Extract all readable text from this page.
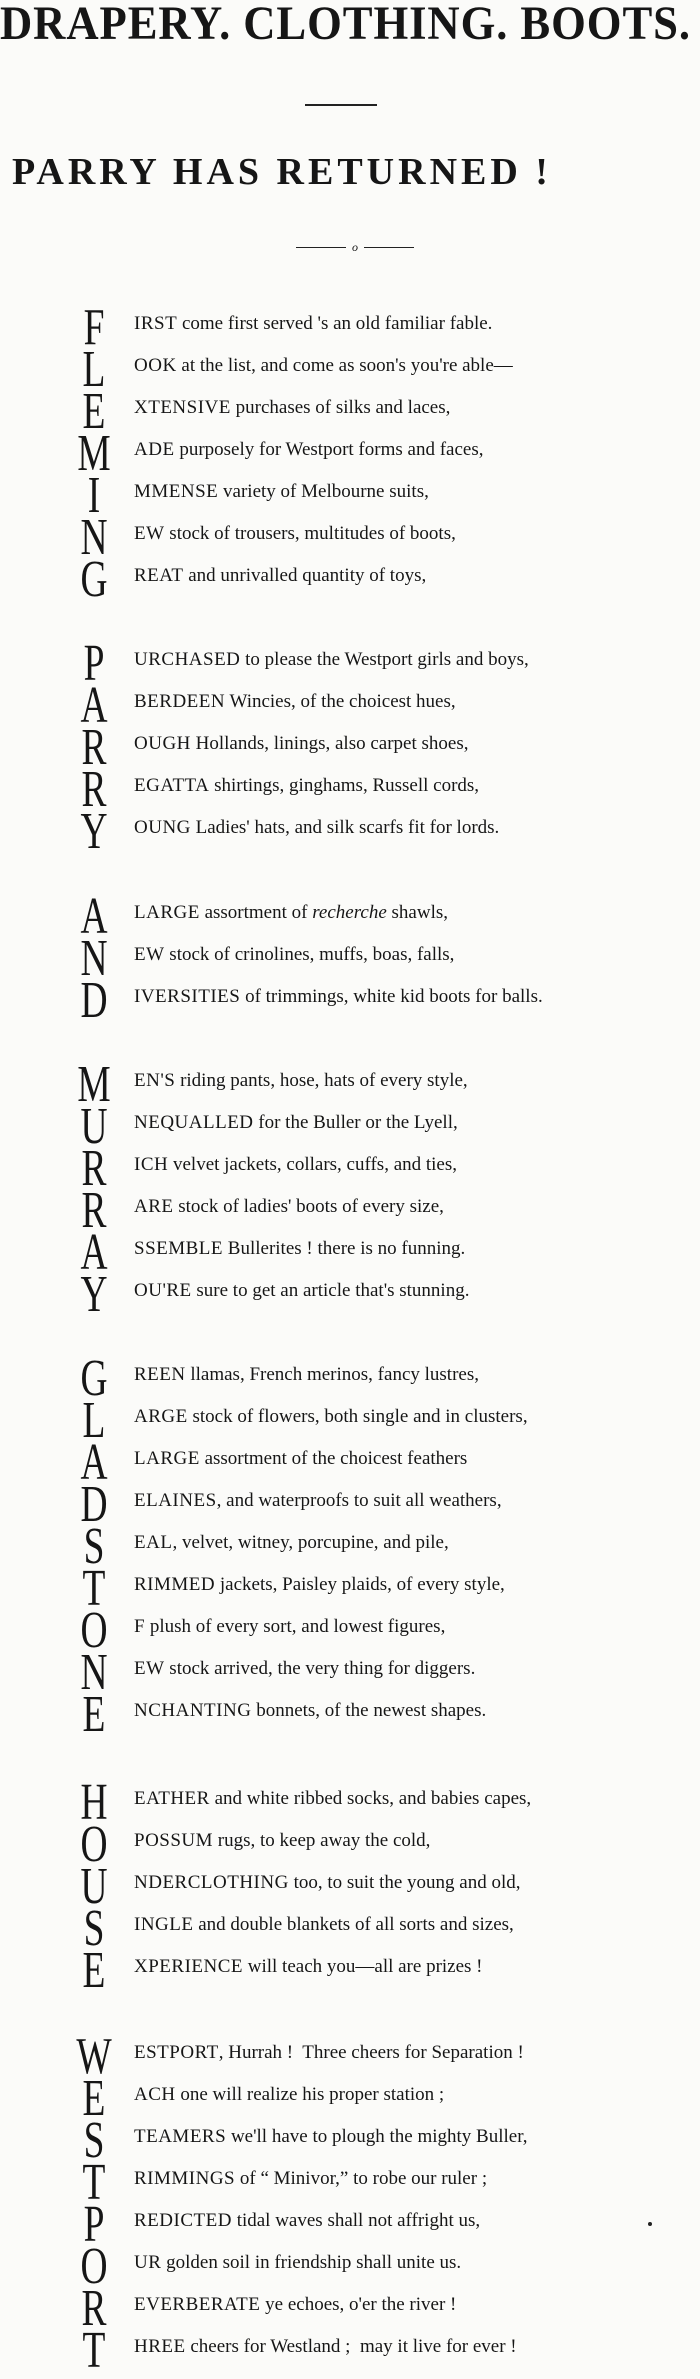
DRAPERY. CLOTHING. BOOTS.
PARRY HAS RETURNED !
o
F	IRST come first served 's an old familiar fable.
L	OOK at the list, and come as soon's you're able—
E	XTENSIVE purchases of silks and laces,
M ADE purposely for Westport forms and faces,
I	MMENSE variety of Melbourne suits,
N	EW stock of trousers, multitudes of boots,
G	REAT and unrivalled quantity of toys,
P	URCHASED to please the Westport girls and boys,
A	BERDEEN Wincies, of the choicest hues,
R	OUGH Hollands, linings, also carpet shoes,
R	EGATTA shirtings, ginghams, Russell cords,
Y	OUNG Ladies' hats, and silk scarfs fit for lords.
A	LARGE assortment of recherche shawls,
N	EW stock of crinolines, muffs, boas, falls,
D	IVERSITIES of trimmings, white kid boots for balls.
M EN'S riding pants, hose, hats of every style,
U	NEQUALLED for the Buller or the Lyell,
R	ICH velvet jackets, collars, cuffs, and ties,
R	ARE stock of ladies' boots of every size,
A	SSEMBLE Bullerites ! there is no funning.
Y	OU'RE sure to get an article that's stunning.
G	REEN llamas, French merinos, fancy lustres,
L	ARGE stock of flowers, both single and in clusters,
A	LARGE assortment of the choicest feathers
D	ELAINES, and waterproofs to suit all weathers,
S	EAL, velvet, witney, porcupine, and pile,
T	RIMMED jackets, Paisley plaids, of every style,
O	F plush of every sort, and lowest figures,
N	EW stock arrived, the very thing for diggers.
E	NCHANTING bonnets, of the newest shapes.
H	EATHER and white ribbed socks, and babies capes,
O	POSSUM rugs, to keep away the cold,
U	NDERCLOTHING too, to suit the young and old,
S	INGLE and double blankets of all sorts and sizes,
E	XPERIENCE will teach you—all are prizes !
W ESTPORT, Hurrah !  Three cheers for Separation !
E	ACH one will realize his proper station ;
S	TEAMERS we'll have to plough the mighty Buller,
T	RIMMINGS of “ Minivor,” to robe our ruler ;
P	REDICTED tidal waves shall not affright us,
O	UR golden soil in friendship shall unite us.
R	EVERBERATE ye echoes, o'er the river !
T	HREE cheers for Westland ;  may it live for ever !
